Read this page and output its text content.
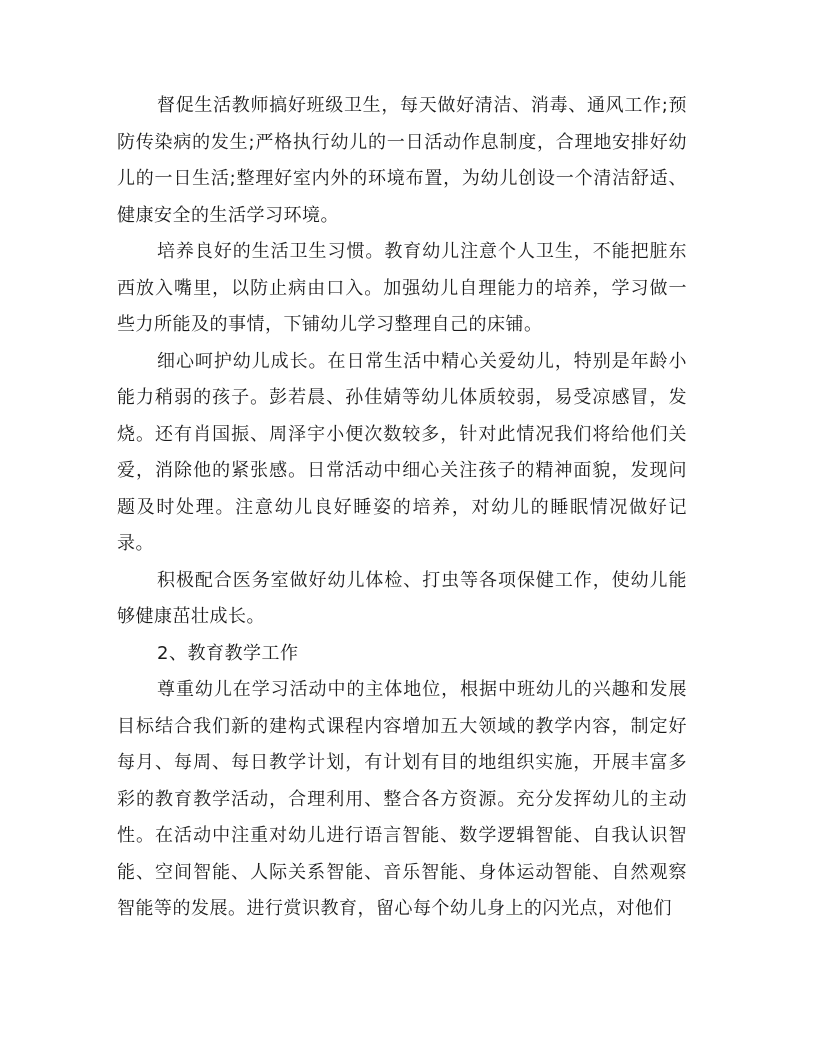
督促生活教师搞好班级卫生，每天做好清洁、消毒、通风工作;预防传染病的发生;严格执行幼儿的一日活动作息制度，合理地安排好幼儿的一日生活;整理好室内外的环境布置，为幼儿创设一个清洁舒适、健康安全的生活学习环境。

培养良好的生活卫生习惯。教育幼儿注意个人卫生，不能把脏东西放入嘴里，以防止病由口入。加强幼儿自理能力的培养，学习做一些力所能及的事情，下铺幼儿学习整理自己的床铺。

细心呵护幼儿成长。在日常生活中精心关爱幼儿，特别是年龄小能力稍弱的孩子。彭若晨、孙佳婧等幼儿体质较弱，易受凉感冒，发烧。还有肖国振、周泽宇小便次数较多，针对此情况我们将给他们关爱，消除他的紧张感。日常活动中细心关注孩子的精神面貌，发现问题及时处理。注意幼儿良好睡姿的培养，对幼儿的睡眠情况做好记录。

积极配合医务室做好幼儿体检、打虫等各项保健工作，使幼儿能够健康茁壮成长。

2、教育教学工作

尊重幼儿在学习活动中的主体地位，根据中班幼儿的兴趣和发展目标结合我们新的建构式课程内容增加五大领域的教学内容，制定好每月、每周、每日教学计划，有计划有目的地组织实施，开展丰富多彩的教育教学活动，合理利用、整合各方资源。充分发挥幼儿的主动性。在活动中注重对幼儿进行语言智能、数学逻辑智能、自我认识智能、空间智能、人际关系智能、音乐智能、身体运动智能、自然观察智能等的发展。进行赏识教育，留心每个幼儿身上的闪光点，对他们
